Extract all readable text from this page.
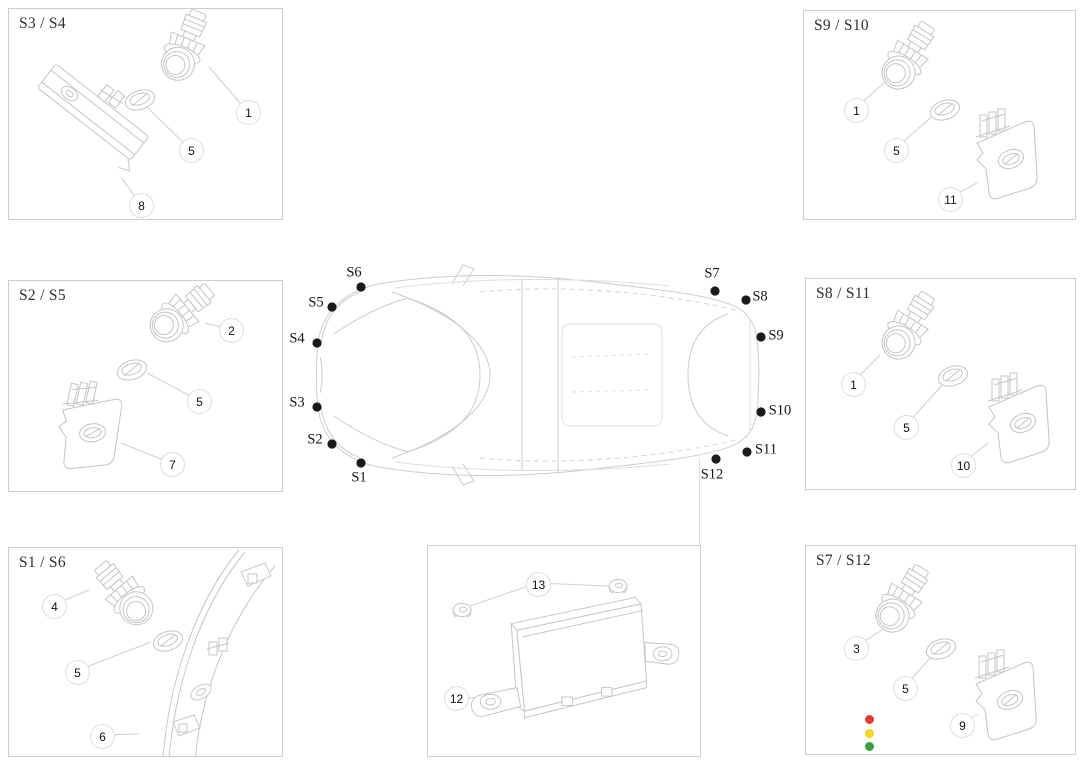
S3 / S4
1
5
8
S9 / S10
1
5
11
S2 / S5
2
5
7
S8 / S11
1
5
10
S1 / S6
4
5
6
13
12
S7 / S12
3
5
9
S1
S2
S3
S4
S5
S6	S7
S8
S9
S10
S11
S12
